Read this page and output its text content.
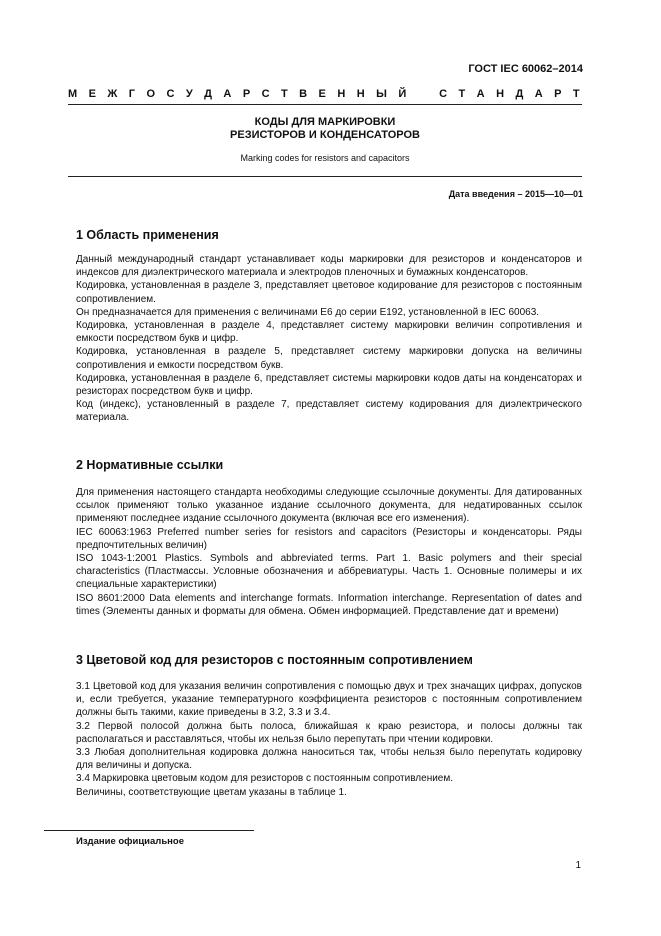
ГОСТ IEC 60062–2014
М Е Ж Г О С У Д А Р С Т В Е Н Н Ы Й	С Т А Н Д А Р Т
КОДЫ ДЛЯ МАРКИРОВКИ
РЕЗИСТОРОВ И КОНДЕНСАТОРОВ
Marking codes for resistors and capacitors
Дата введения – 2015—10—01
1 Область применения

Данный международный стандарт устанавливает коды маркировки для резисторов и конденсаторов и индексов для диэлектрического материала и электродов пленочных и бумажных конденсаторов.

Кодировка, установленная в разделе 3, представляет цветовое кодирование для резисторов с постоянным сопротивлением.

Он предназначается для применения с величинами E6 до серии E192, установленной в IEC 60063.

Кодировка, установленная в разделе 4, представляет систему маркировки величин сопротивления и емкости посредством букв и цифр.

Кодировка, установленная в разделе 5, представляет систему маркировки допуска на величины сопротивления и емкости посредством букв.

Кодировка, установленная в разделе 6, представляет системы маркировки кодов даты на конденсаторах и резисторах посредством букв и цифр.

Код (индекс), установленный в разделе 7, представляет систему кодирования для диэлектрического материала.

2 Нормативные ссылки

Для применения настоящего стандарта необходимы следующие ссылочные документы. Для датированных ссылок применяют только указанное издание ссылочного документа, для недатированных ссылок применяют последнее издание ссылочного документа (включая все его изменения).

IEC 60063:1963 Preferred number series for resistors and capacitors (Резисторы и конденсаторы. Ряды предпочтительных величин)

ISO 1043-1:2001 Plastics. Symbols and abbreviated terms. Part 1. Basic polymers and their special characteristics (Пластмассы. Условные обозначения и аббревиатуры. Часть 1. Основные полимеры и их специальные характеристики)

ISO 8601:2000 Data elements and interchange formats. Information interchange. Representation of dates and times (Элементы данных и форматы для обмена. Обмен информацией. Представление дат и времени)

3 Цветовой код для резисторов с постоянным сопротивлением

3.1 Цветовой код для указания величин сопротивления с помощью двух и трех значащих цифрах, допусков и, если требуется, указание температурного коэффициента резисторов с постоянным сопротивлением должны быть такими, какие приведены в 3.2, 3.3 и 3.4.

3.2 Первой полосой должна быть полоса, ближайшая к краю резистора, и полосы должны так располагаться и расставляться, чтобы их нельзя было перепутать при чтении кодировки.

3.3 Любая дополнительная кодировка должна наноситься так, чтобы нельзя было перепутать кодировку для величины и допуска.

3.4 Маркировка цветовым кодом для резисторов с постоянным сопротивлением.

Величины, соответствующие цветам указаны в таблице 1.

Издание официальное
1
